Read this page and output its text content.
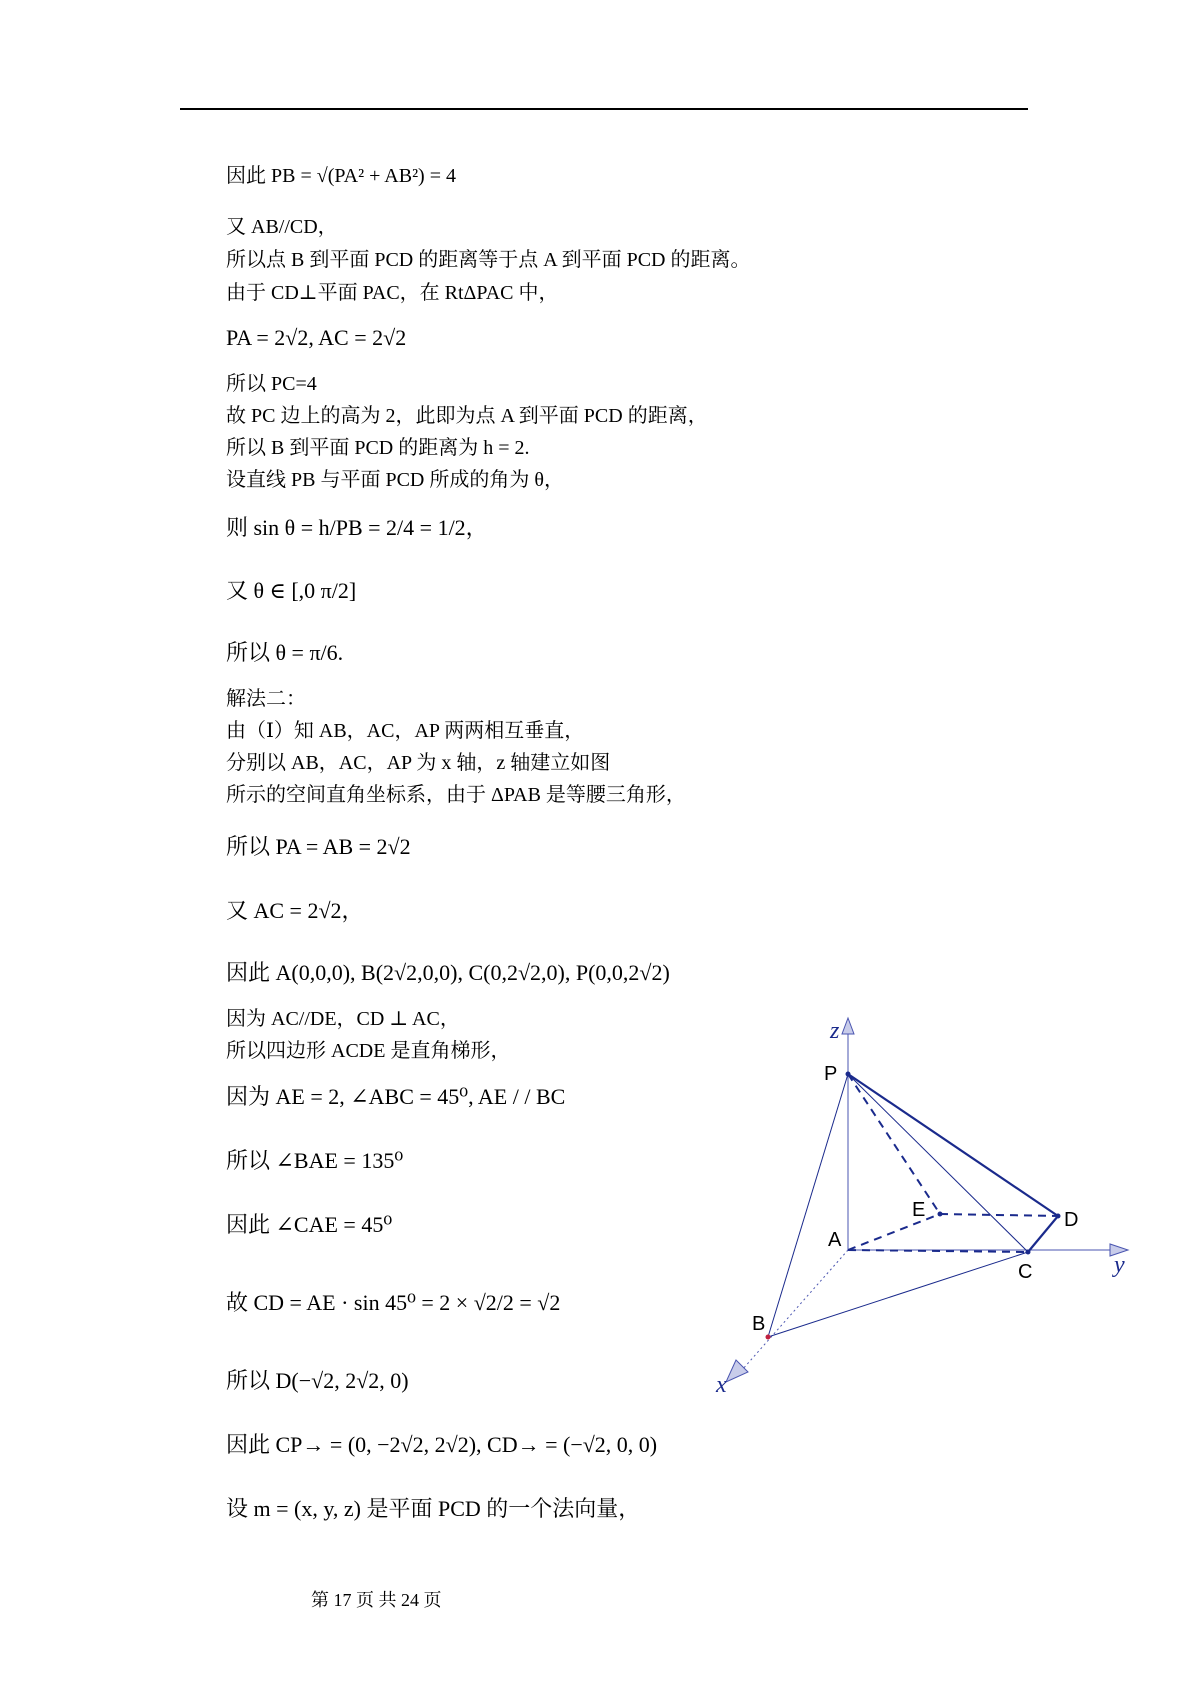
因此 PB = √(PA² + AB²) = 4
又 AB//CD，
所以点 B 到平面 PCD 的距离等于点 A 到平面 PCD 的距离。
由于 CD⊥平面 PAC，在 RtΔPAC 中，
PA = 2√2, AC = 2√2
所以 PC=4
故 PC 边上的高为 2，此即为点 A 到平面 PCD 的距离，
所以 B 到平面 PCD 的距离为 h = 2.
设直线 PB 与平面 PCD 所成的角为 θ，
则 sin θ = h/PB = 2/4 = 1/2，
又 θ ∈ [,0 π/2]
所以 θ = π/6.
解法二：
由（Ⅰ）知 AB，AC，AP 两两相互垂直，
分别以 AB，AC，AP 为 x 轴，z 轴建立如图
所示的空间直角坐标系，由于 ΔPAB 是等腰三角形，
所以 PA = AB = 2√2
又 AC = 2√2，
因此 A(0,0,0), B(2√2,0,0), C(0,2√2,0), P(0,0,2√2)
因为 AC//DE，CD ⊥ AC，
所以四边形 ACDE 是直角梯形，
因为 AE = 2, ∠ABC = 45⁰, AE / / BC
所以 ∠BAE = 135⁰
因此 ∠CAE = 45⁰
故 CD = AE · sin 45⁰ = 2 × √2/2 = √2
所以 D(−√2, 2√2, 0)
因此 CP→ = (0, −2√2, 2√2), CD→ = (−√2, 0, 0)
设 m = (x, y, z) 是平面 PCD 的一个法向量，
第 17 页 共 24 页
P
E	D
A
C
B
z
y
x
